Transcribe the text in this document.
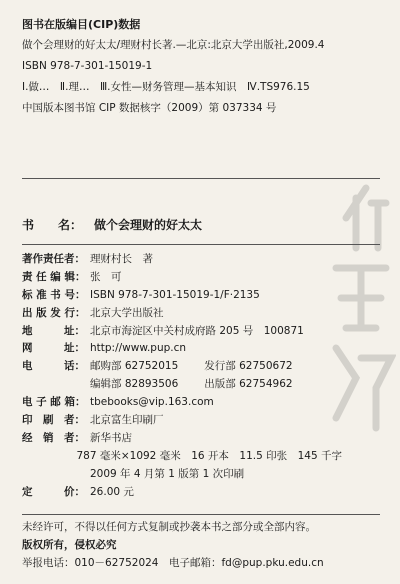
图书在版编目(CIP)数据
做个会理财的好太太/理财村长著.—北京:北京大学出版社,2009.4
ISBN 978-7-301-15019-1
Ⅰ.做…　Ⅱ.理…　Ⅲ.女性—财务管理—基本知识　Ⅳ.TS976.15
中国版本图书馆 CIP 数据核字（2009）第 037334 号
书　　名： 做个会理财的好太太
著作责任者： 理财村长　著
责 任 编 辑： 张　可
标 准 书 号： ISBN 978-7-301-15019-1/F·2135
出 版 发 行： 北京大学出版社
地　　　址： 北京市海淀区中关村成府路 205 号　100871
网　　　址： http://www.pup.cn
电　　　话： 邮购部 62752015 发行部 62750672
编辑部 82893506 出版部 62754962
电 子 邮 箱： tbebooks@vip.163.com
印　刷　者： 北京富生印刷厂
经　销　者： 新华书店
787 毫米×1092 毫米　16 开本　11.5 印张　145 千字
2009 年 4 月第 1 版第 1 次印刷
定　　　价： 26.00 元
未经许可，不得以任何方式复制或抄袭本书之部分或全部内容。
版权所有，侵权必究
举报电话：010－62752024　电子邮箱：fd@pup.pku.edu.cn
